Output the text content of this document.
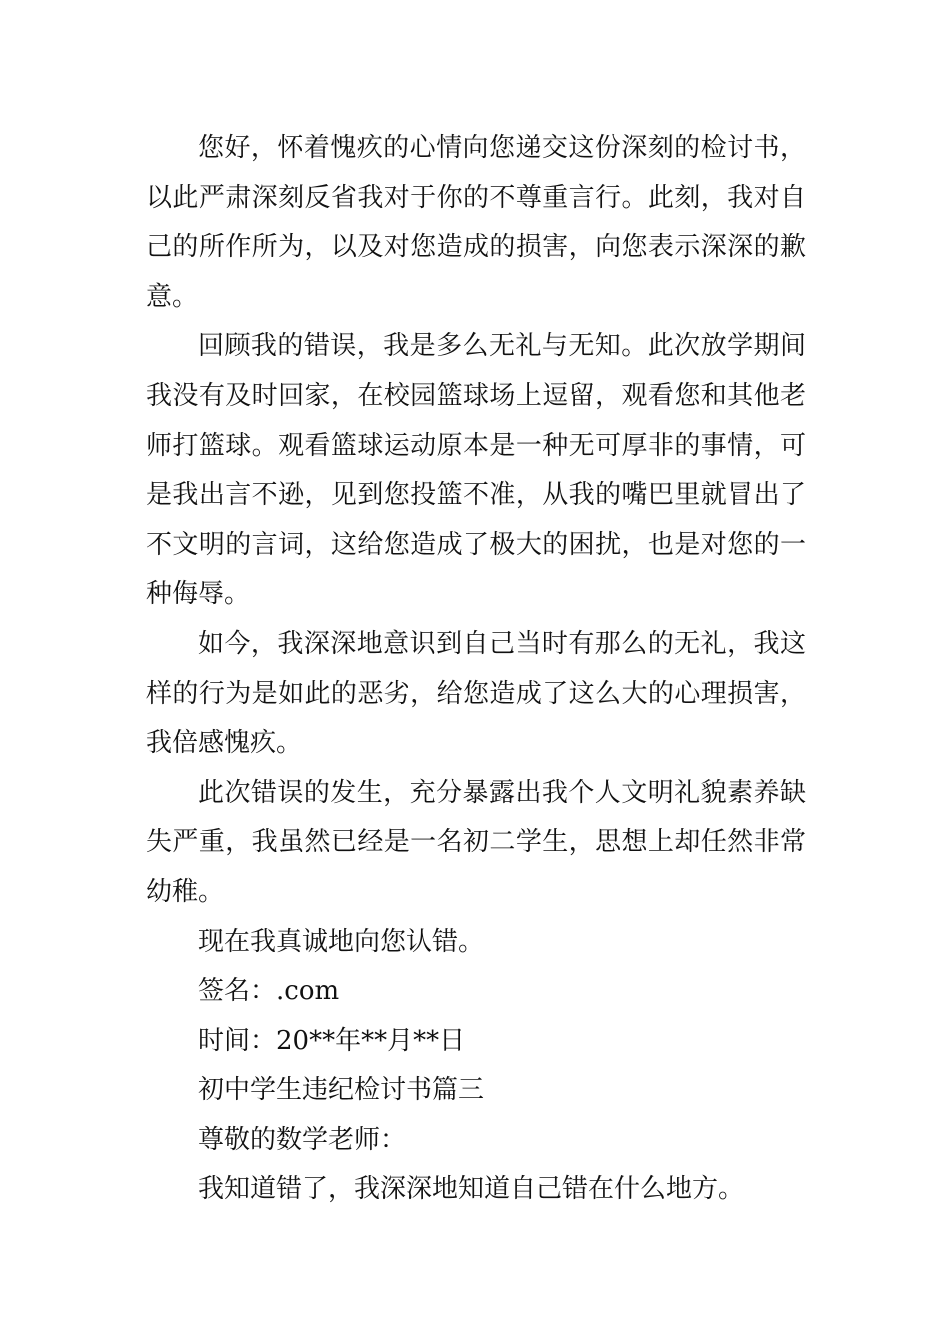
您好，怀着愧疚的心情向您递交这份深刻的检讨书，以此严肃深刻反省我对于你的不尊重言行。此刻，我对自己的所作所为，以及对您造成的损害，向您表示深深的歉意。

回顾我的错误，我是多么无礼与无知。此次放学期间我没有及时回家，在校园篮球场上逗留，观看您和其他老师打篮球。观看篮球运动原本是一种无可厚非的事情，可是我出言不逊，见到您投篮不准，从我的嘴巴里就冒出了不文明的言词，这给您造成了极大的困扰，也是对您的一种侮辱。

如今，我深深地意识到自己当时有那么的无礼，我这样的行为是如此的恶劣，给您造成了这么大的心理损害，我倍感愧疚。

此次错误的发生，充分暴露出我个人文明礼貌素养缺失严重，我虽然已经是一名初二学生，思想上却任然非常幼稚。

现在我真诚地向您认错。

签名：.com

时间：20**年**月**日

初中学生违纪检讨书篇三

尊敬的数学老师：

我知道错了，我深深地知道自己错在什么地方。
